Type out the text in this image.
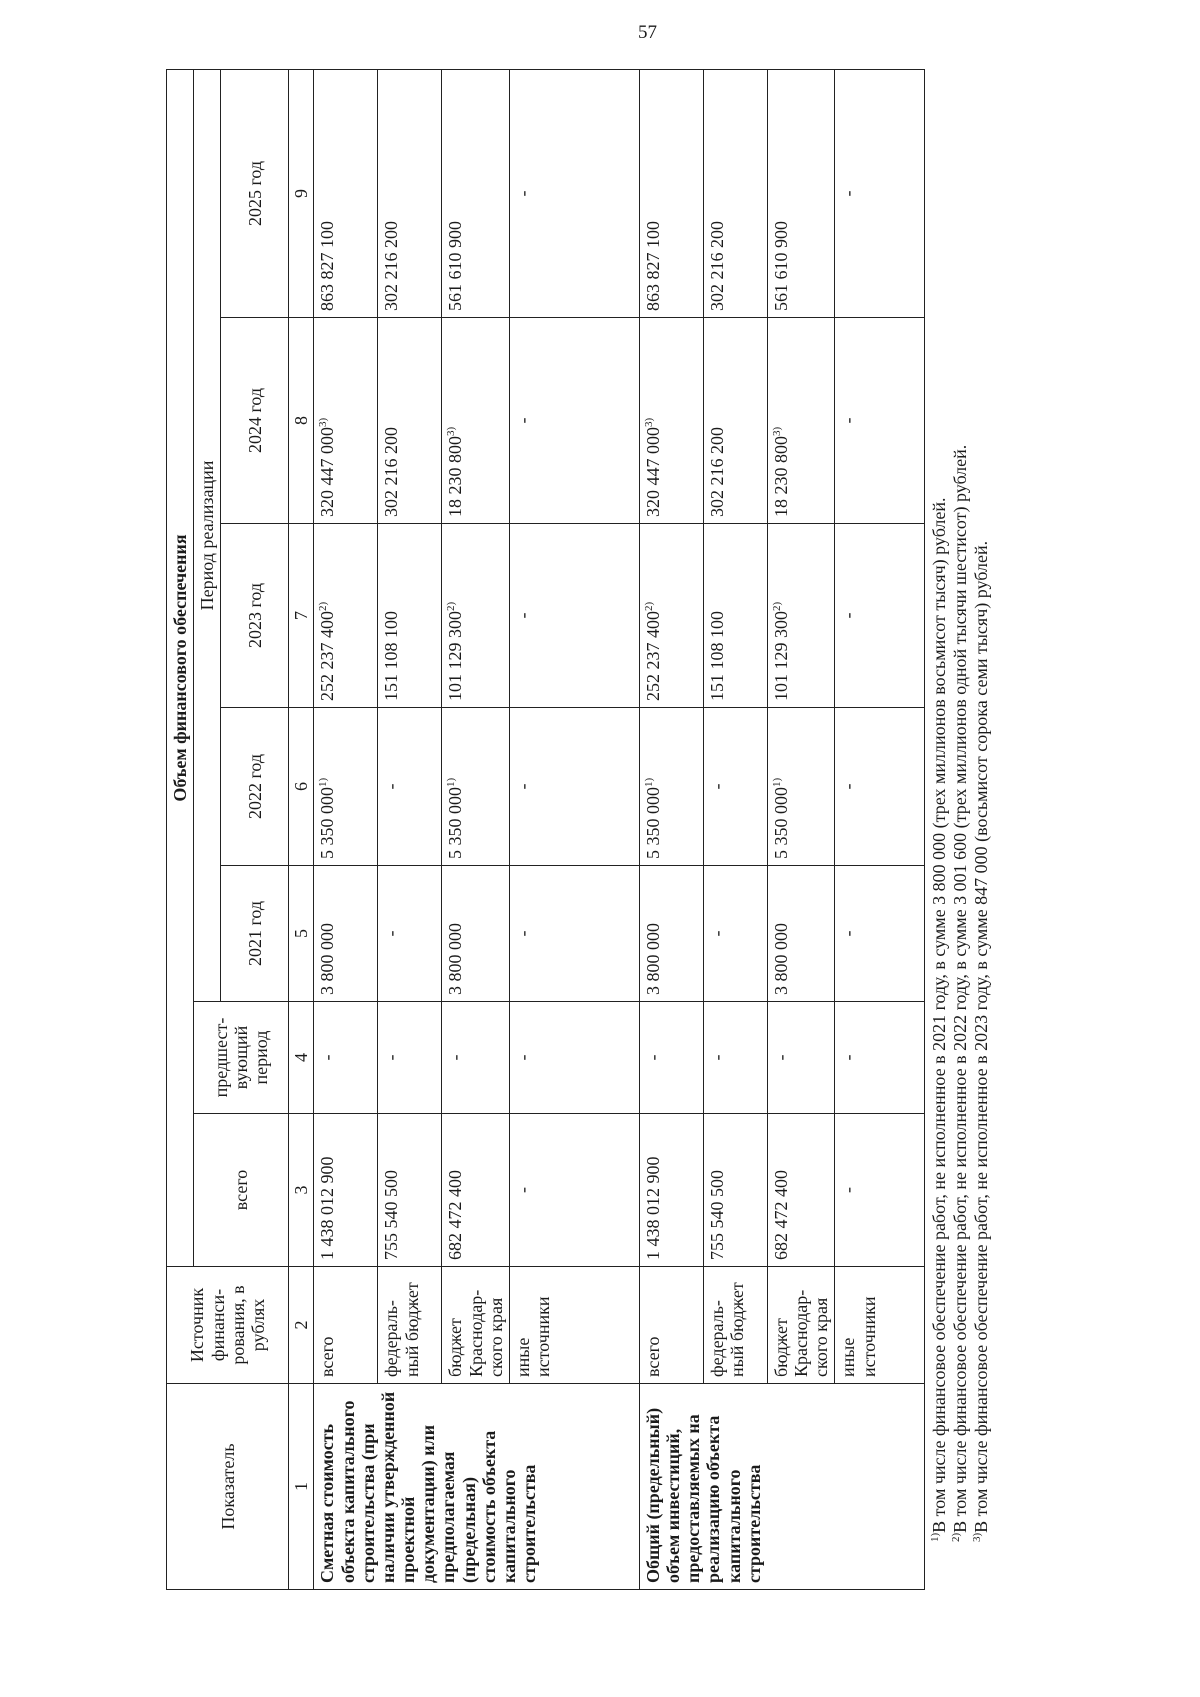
57
Показатель	Источник финанси-рования, в рублях	Объем финансового обеспечения						
		всего	предшест-вующий период	Период реализации				
				2021 год	2022 год	2023 год	2024 год	2025 год
1	2	3	4	5	6	7	8	9
Сметная стоимость объекта капитального строительства (при наличии утвержденной проектной документации) или предполагаемая (предельная) стоимость объекта капитального строительства	всего	1 438 012 900	-	3 800 000	5 350 000$^{1)}$	252 237 400$^{2)}$	320 447 000$^{3)}$	863 827 100
	федераль-ный бюджет	755 540 500	-	-	-	151 108 100	302 216 200	302 216 200
	бюджет Краснодар-ского края	682 472 400	-	3 800 000	5 350 000$^{1)}$	101 129 300$^{2)}$	18 230 800$^{3)}$	561 610 900
	иные источники	-	-	-	-	-	-	-
Общий (предельный) объем инвестиций, предоставляемых на реализацию объекта капитального строительства	всего	1 438 012 900	-	3 800 000	5 350 000$^{1)}$	252 237 400$^{2)}$	320 447 000$^{3)}$	863 827 100
	федераль-ный бюджет	755 540 500	-	-	-	151 108 100	302 216 200	302 216 200
	бюджет Краснодар-ского края	682 472 400	-	3 800 000	5 350 000$^{1)}$	101 129 300$^{2)}$	18 230 800$^{3)}$	561 610 900
	иные источники	-	-	-	-	-	-	-

$^{1)}$В том числе финансовое обеспечение работ, не исполненное в 2021 году, в сумме 3 800 000 (трех миллионов восьмисот тысяч) рублей.

$^{2)}$В том числе финансовое обеспечение работ, не исполненное в 2022 году, в сумме 3 001 600 (трех миллионов одной тысячи шестисот) рублей.

$^{3)}$В том числе финансовое обеспечение работ, не исполненное в 2023 году, в сумме 847 000 (восьмисот сорока семи тысяч) рублей.
